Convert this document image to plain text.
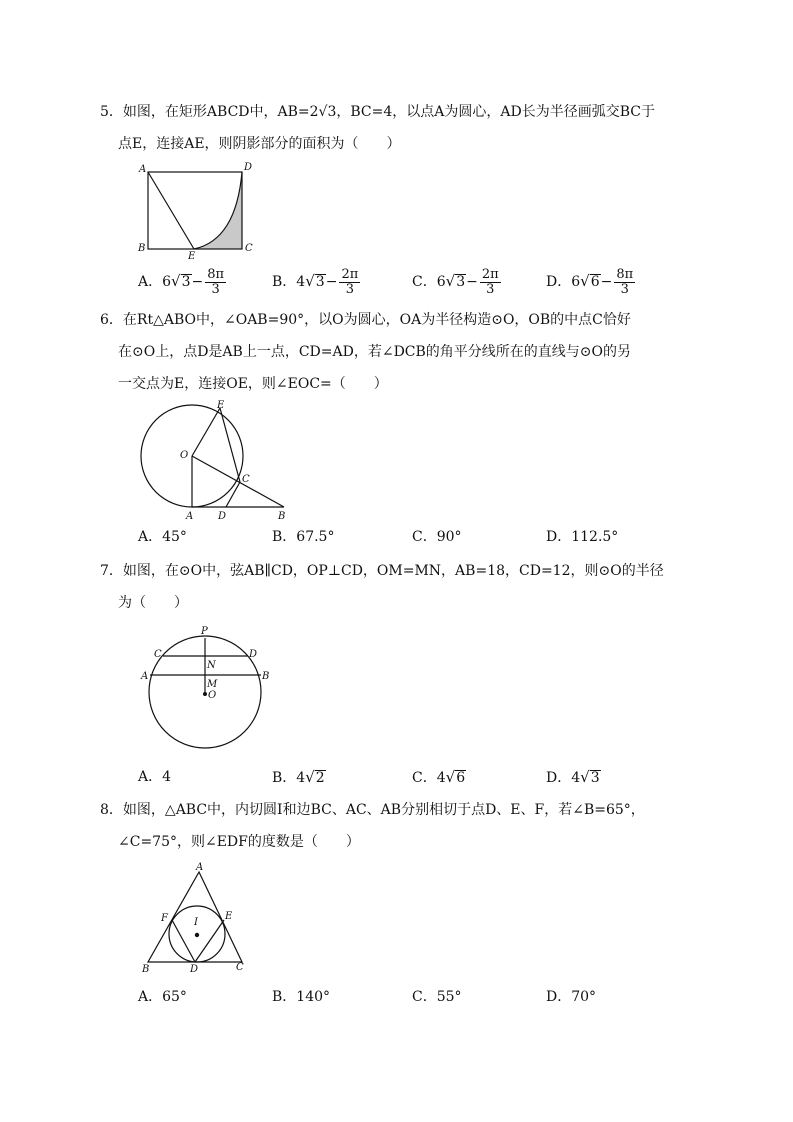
5．如图，在矩形ABCD中，AB=2√3，BC=4，以点A为圆心，AD长为半径画弧交BC于
点E，连接AE，则阴影部分的面积为（　　）
A	D
B
E
C
A．$6√3- \frac{8\pi}{3}$	B．$4√3- \frac{2\pi}{3}$	C．$6√3- \frac{2\pi}{3}$	D．$6√6- \frac{8\pi}{3}$
6．在Rt△ABO中，∠OAB=90°，以O为圆心，OA为半径构造⊙O，OB的中点C恰好
在⊙O上，点D是AB上一点，CD=AD，若∠DCB的角平分线所在的直线与⊙O的另
一交点为E，连接OE，则∠EOC=（　　）
E
O
C
A D	B
A．45°	B．67.5°	C．90°	D．112.5°
7．如图，在⊙O中，弦AB∥CD，OP⊥CD，OM=MN，AB=18，CD=12，则⊙O的半径
为（　　）
P
C	D
N
A	B
M
O
A．4	B．4√2	C．4√6	D．4√3
8．如图，△ABC中，内切圆I和边BC、AC、AB分别相切于点D、E、F，若∠B=65°，
∠C=75°，则∠EDF的度数是（　　）
A
F	I
E
B	D	C
A．65°	B．140°	C．55°	D．70°
